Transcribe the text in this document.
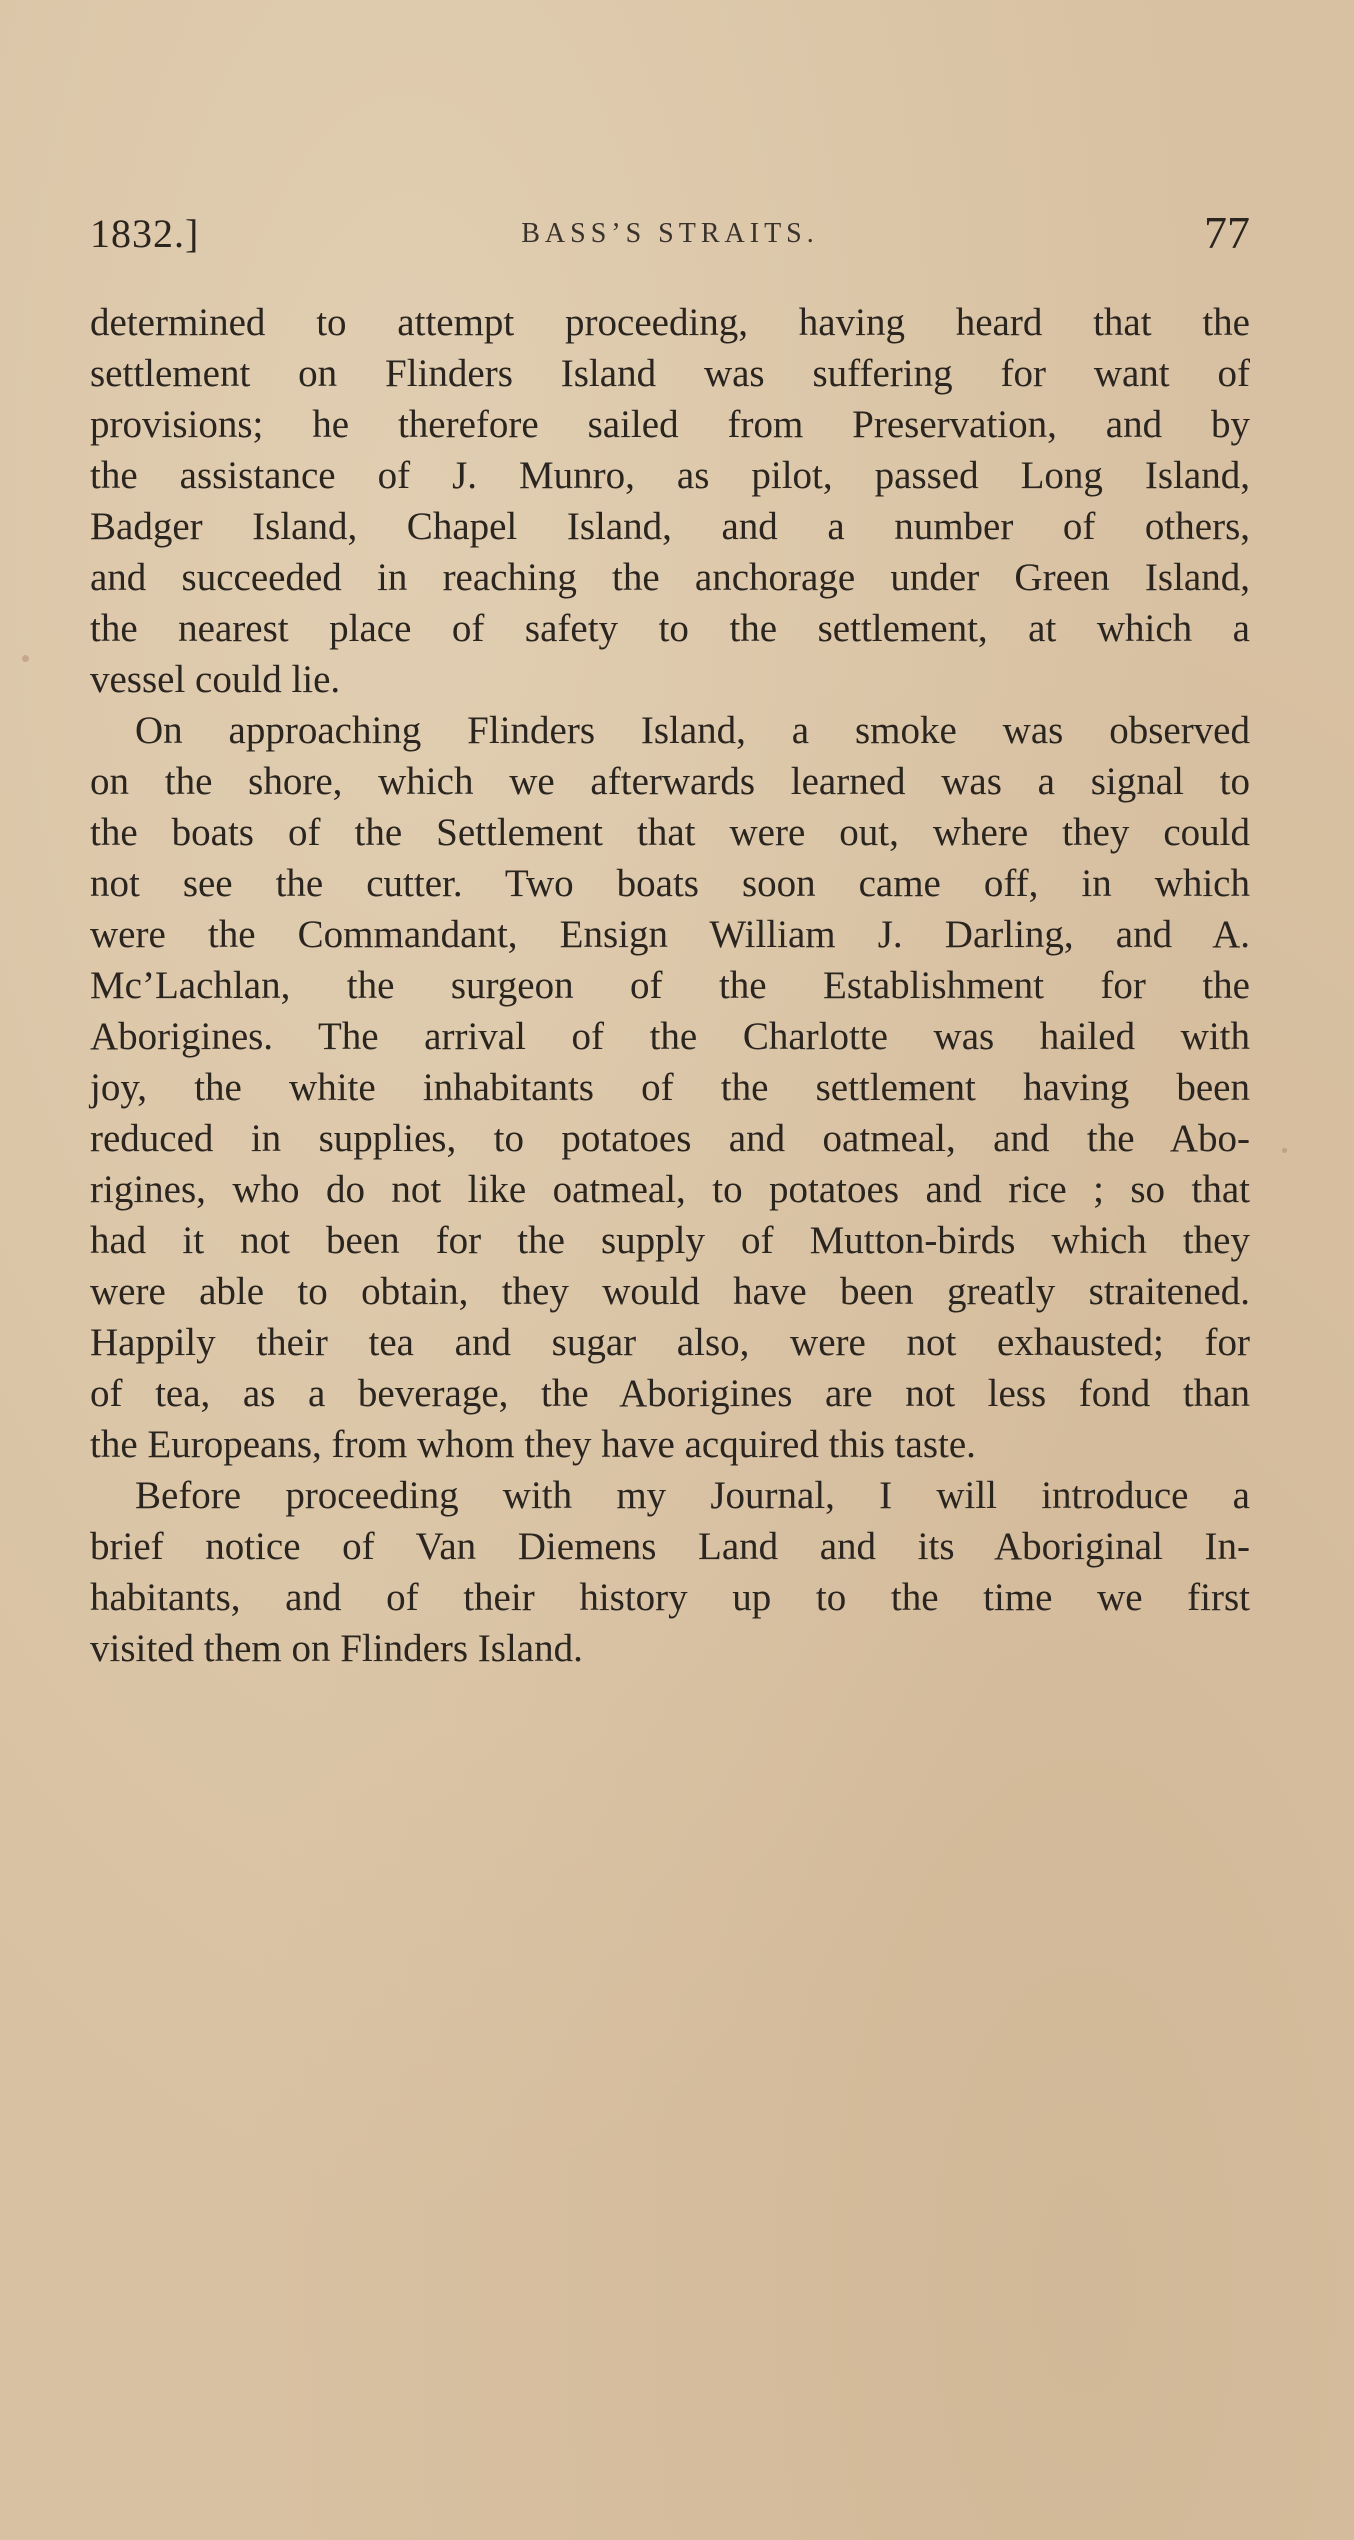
1832.]	BASS’S STRAITS.	77
determined to attempt proceeding, having heard that the
settlement on Flinders Island was suffering for want of
provisions; he therefore sailed from Preservation, and by
the assistance of J. Munro, as pilot, passed Long Island,
Badger Island, Chapel Island, and a number of others,
and succeeded in reaching the anchorage under Green Island,
the nearest place of safety to the settlement, at which a
vessel could lie.
On approaching Flinders Island, a smoke was observed
on the shore, which we afterwards learned was a signal to
the boats of the Settlement that were out, where they could
not see the cutter. Two boats soon came off, in which
were the Commandant, Ensign William J. Darling, and A.
Mc’Lachlan, the surgeon of the Establishment for the
Aborigines. The arrival of the Charlotte was hailed with
joy, the white inhabitants of the settlement having been
reduced in supplies, to potatoes and oatmeal, and the Abo-
rigines, who do not like oatmeal, to potatoes and rice ; so that
had it not been for the supply of Mutton-birds which they
were able to obtain, they would have been greatly straitened.
Happily their tea and sugar also, were not exhausted; for
of tea, as a beverage, the Aborigines are not less fond than
the Europeans, from whom they have acquired this taste.
Before proceeding with my Journal, I will introduce a
brief notice of Van Diemens Land and its Aboriginal In-
habitants, and of their history up to the time we first
visited them on Flinders Island.
